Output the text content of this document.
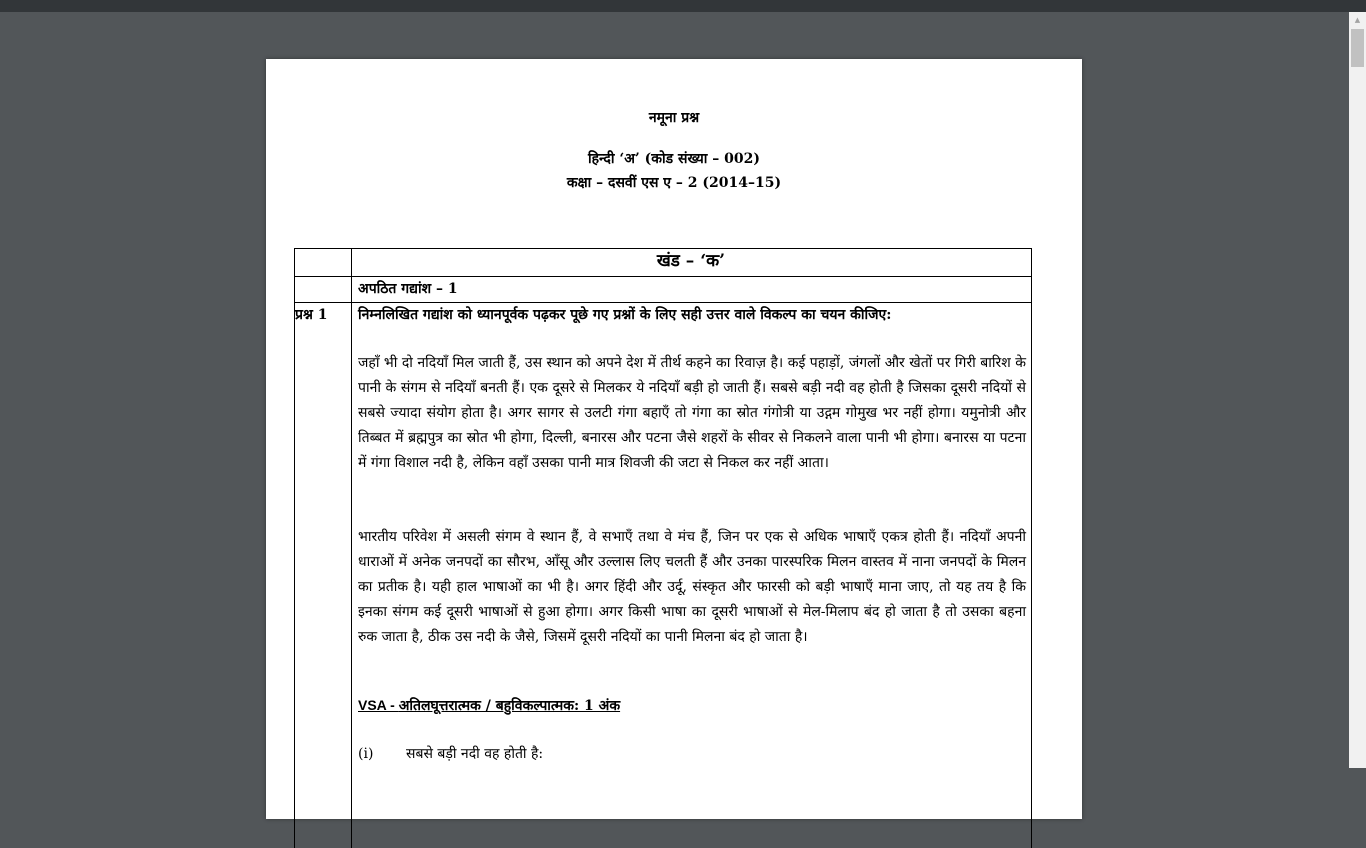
नमूना प्रश्न
हिन्दी ‘अ’ (कोड संख्या – 002)
कक्षा – दसवीं एस ए – 2 (2014–15)
खंड – ‘क’
अपठित गद्यांश – 1
प्रश्न 1 निम्नलिखित गद्यांश को ध्यानपूर्वक पढ़कर पूछे गए प्रश्नों के लिए सही उत्तर वाले विकल्प का चयन कीजिए:
जहाँ भी दो नदियाँ मिल जाती हैं, उस स्थान को अपने देश में तीर्थ कहने का रिवाज़ है। कई पहाड़ों, जंगलों और खेतों पर गिरी बारिश के पानी के संगम से नदियाँ बनती हैं। एक दूसरे से मिलकर ये नदियाँ बड़ी हो जाती हैं। सबसे बड़ी नदी वह होती है जिसका दूसरी नदियों से सबसे ज्यादा संयोग होता है। अगर सागर से उलटी गंगा बहाएँ तो गंगा का स्रोत गंगोत्री या उद्गम गोमुख भर नहीं होगा। यमुनोत्री और तिब्बत में ब्रह्मपुत्र का स्रोत भी होगा, दिल्ली, बनारस और पटना जैसे शहरों के सीवर से निकलने वाला पानी भी होगा। बनारस या पटना में गंगा विशाल नदी है, लेकिन वहाँ उसका पानी मात्र शिवजी की जटा से निकल कर नहीं आता।
भारतीय परिवेश में असली संगम वे स्थान हैं, वे सभाएँ तथा वे मंच हैं, जिन पर एक से अधिक भाषाएँ एकत्र होती हैं। नदियाँ अपनी धाराओं में अनेक जनपदों का सौरभ, आँसू और उल्लास लिए चलती हैं और उनका पारस्परिक मिलन वास्तव में नाना जनपदों के मिलन का प्रतीक है। यही हाल भाषाओं का भी है। अगर हिंदी और उर्दू, संस्कृत और फारसी को बड़ी भाषाएँ माना जाए, तो यह तय है कि इनका संगम कई दूसरी भाषाओं से हुआ होगा। अगर किसी भाषा का दूसरी भाषाओं से मेल-मिलाप बंद हो जाता है तो उसका बहना रुक जाता है, ठीक उस नदी के जैसे, जिसमें दूसरी नदियों का पानी मिलना बंद हो जाता है।
VSA - अतिलघूत्तरात्मक / बहुविकल्पात्मक: 1 अंक
(i) सबसे बड़ी नदी वह होती है:
▲
